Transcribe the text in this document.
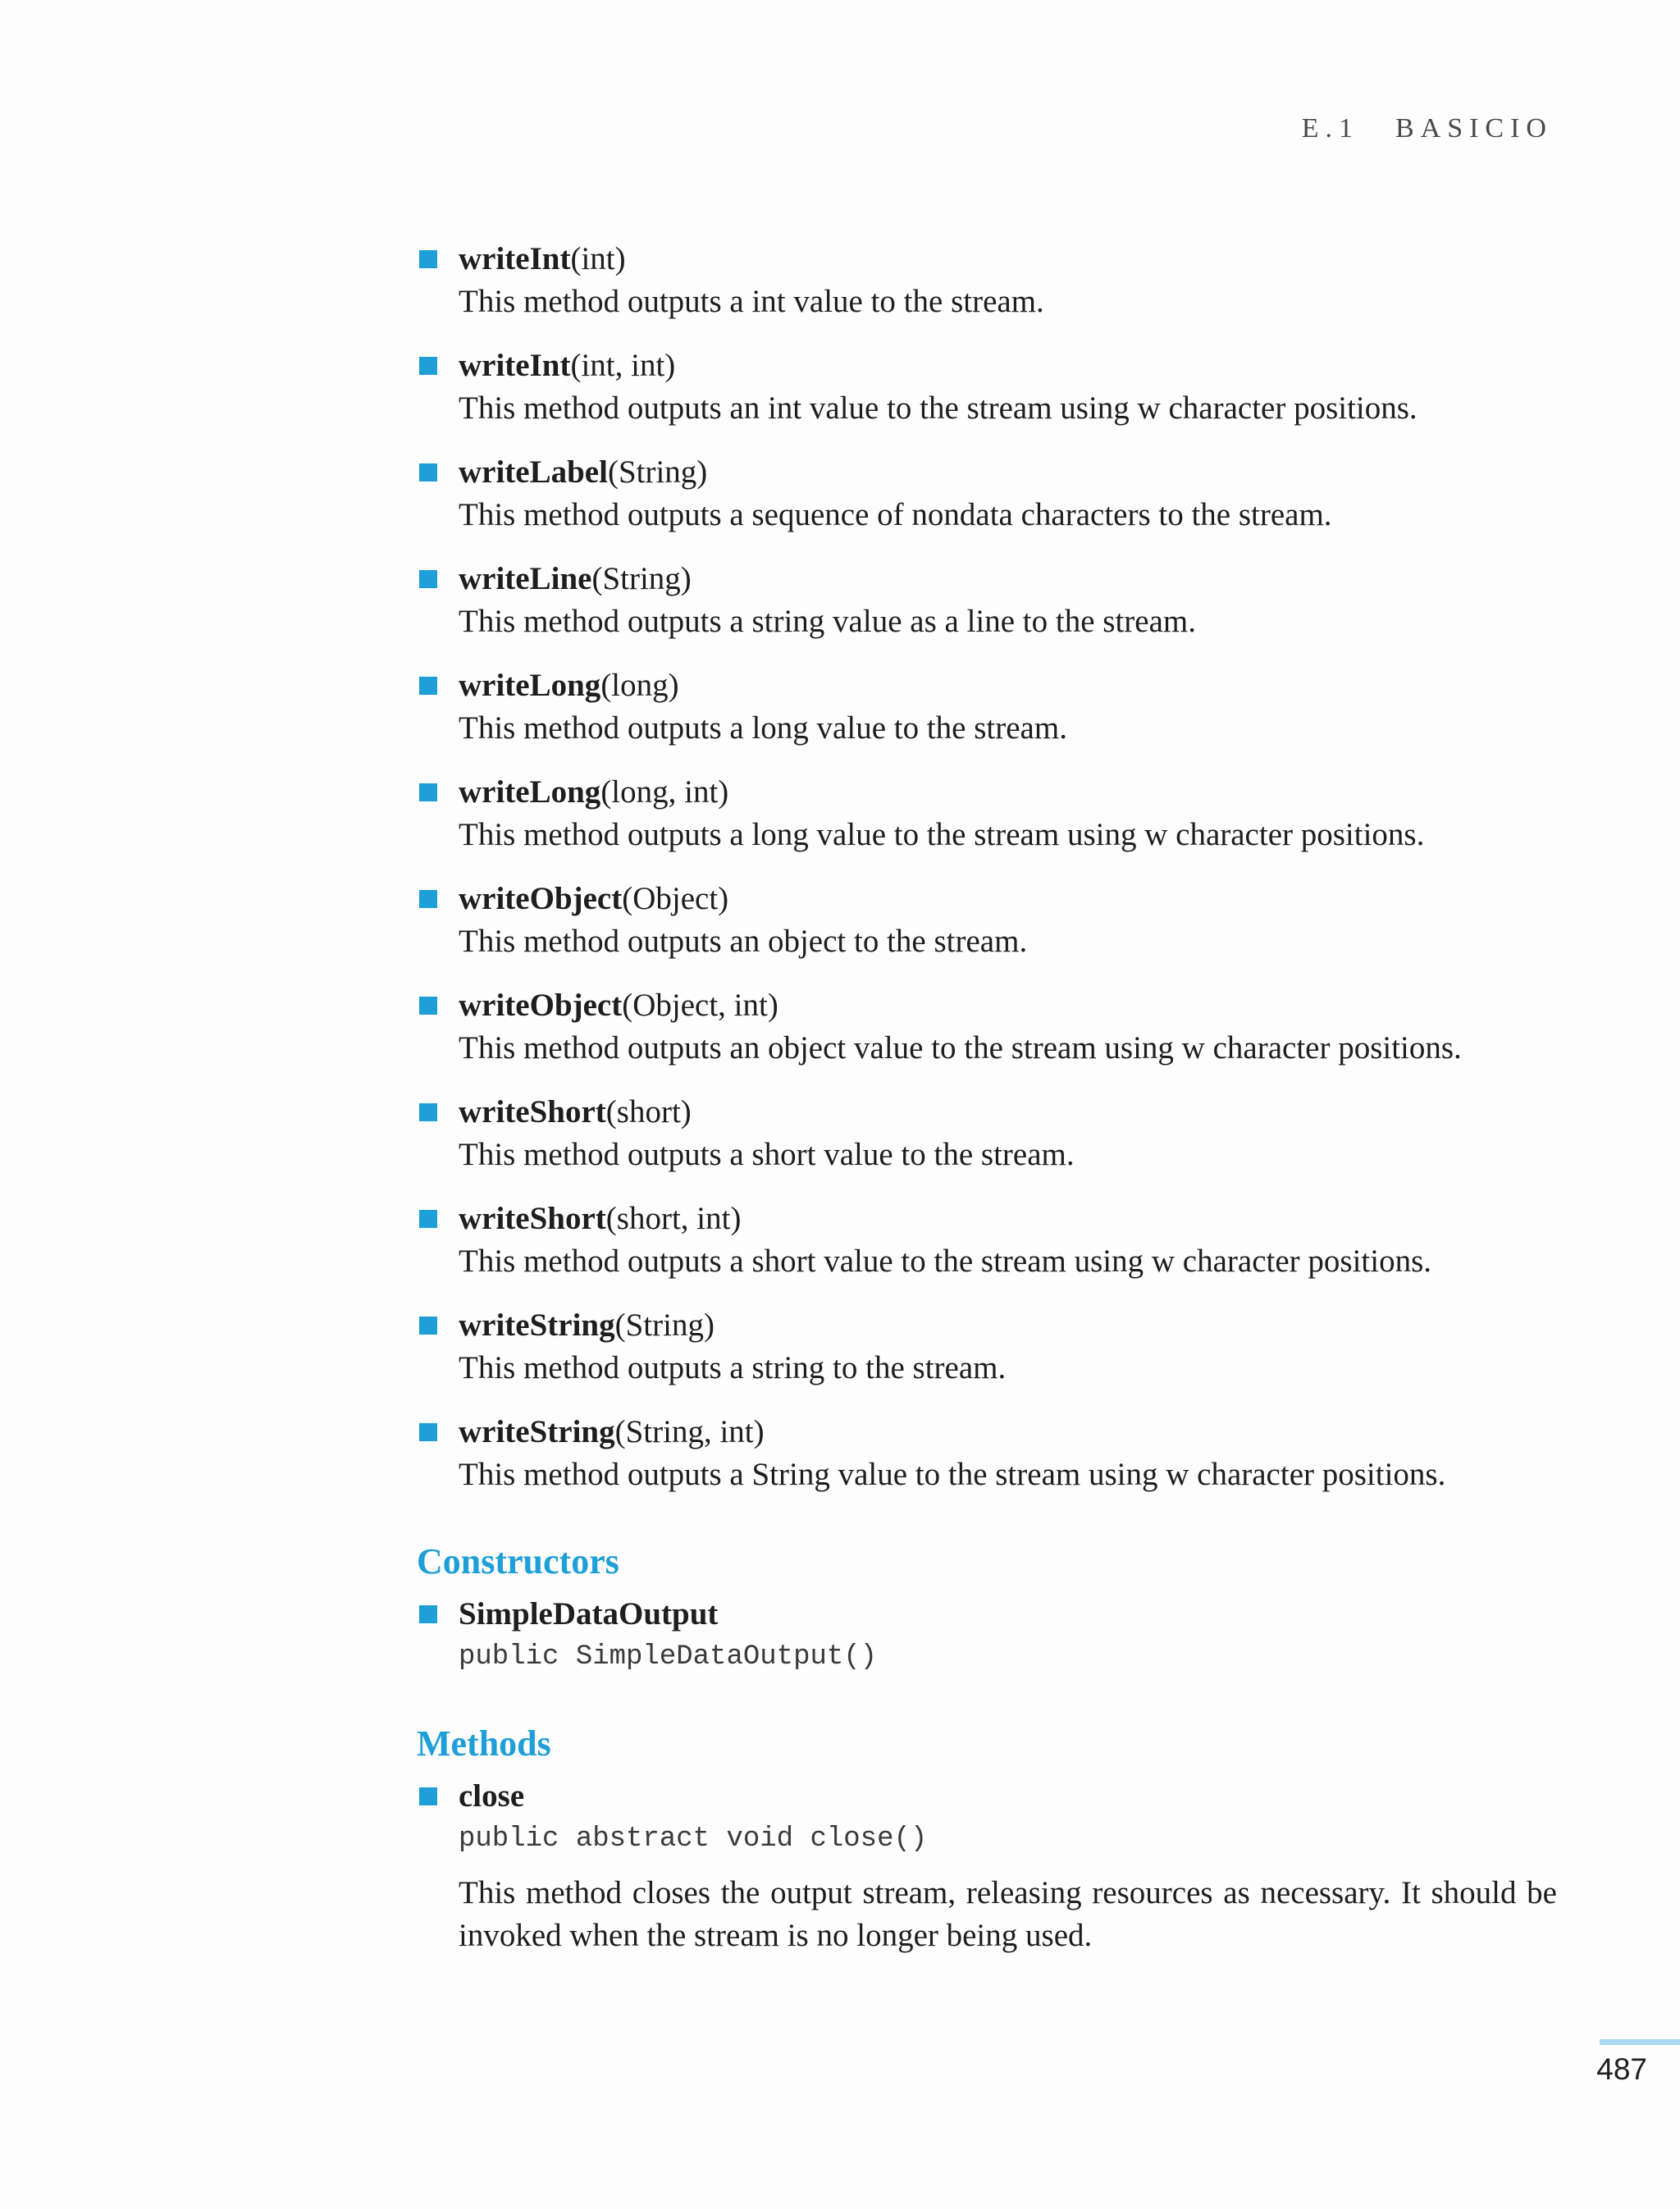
E.1 BASICIO
writeInt(int)
This method outputs a int value to the stream.
writeInt(int, int)
This method outputs an int value to the stream using w character positions.
writeLabel(String)
This method outputs a sequence of nondata characters to the stream.
writeLine(String)
This method outputs a string value as a line to the stream.
writeLong(long)
This method outputs a long value to the stream.
writeLong(long, int)
This method outputs a long value to the stream using w character positions.
writeObject(Object)
This method outputs an object to the stream.
writeObject(Object, int)
This method outputs an object value to the stream using w character positions.
writeShort(short)
This method outputs a short value to the stream.
writeShort(short, int)
This method outputs a short value to the stream using w character positions.
writeString(String)
This method outputs a string to the stream.
writeString(String, int)
This method outputs a String value to the stream using w character positions.
Constructors
SimpleDataOutput
public SimpleDataOutput()
Methods
close
public abstract void close()
This method closes the output stream, releasing resources as necessary. It should be invoked when the stream is no longer being used.
487
